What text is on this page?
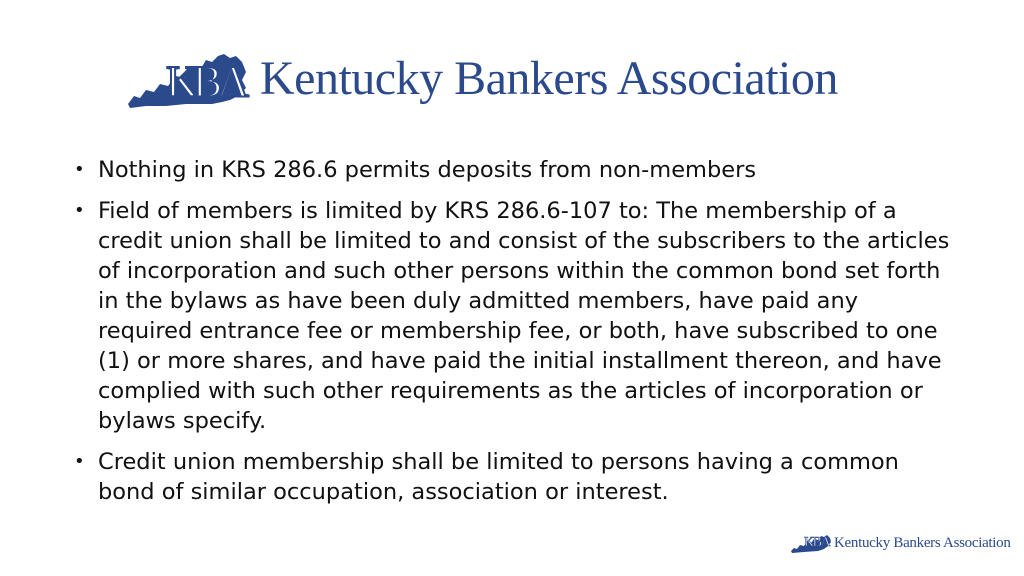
KBA Kentucky Bankers Association
• Nothing in KRS 286.6 permits deposits from non-members
• Field of members is limited by KRS 286.6-107 to: The membership of a credit union shall be limited to and consist of the subscribers to the articles of incorporation and such other persons within the common bond set forth in the bylaws as have been duly admitted members, have paid any required entrance fee or membership fee, or both, have subscribed to one (1) or more shares, and have paid the initial installment thereon, and have complied with such other requirements as the articles of incorporation or bylaws specify.
• Credit union membership shall be limited to persons having a common bond of similar occupation, association or interest.
KBA Kentucky Bankers Association
